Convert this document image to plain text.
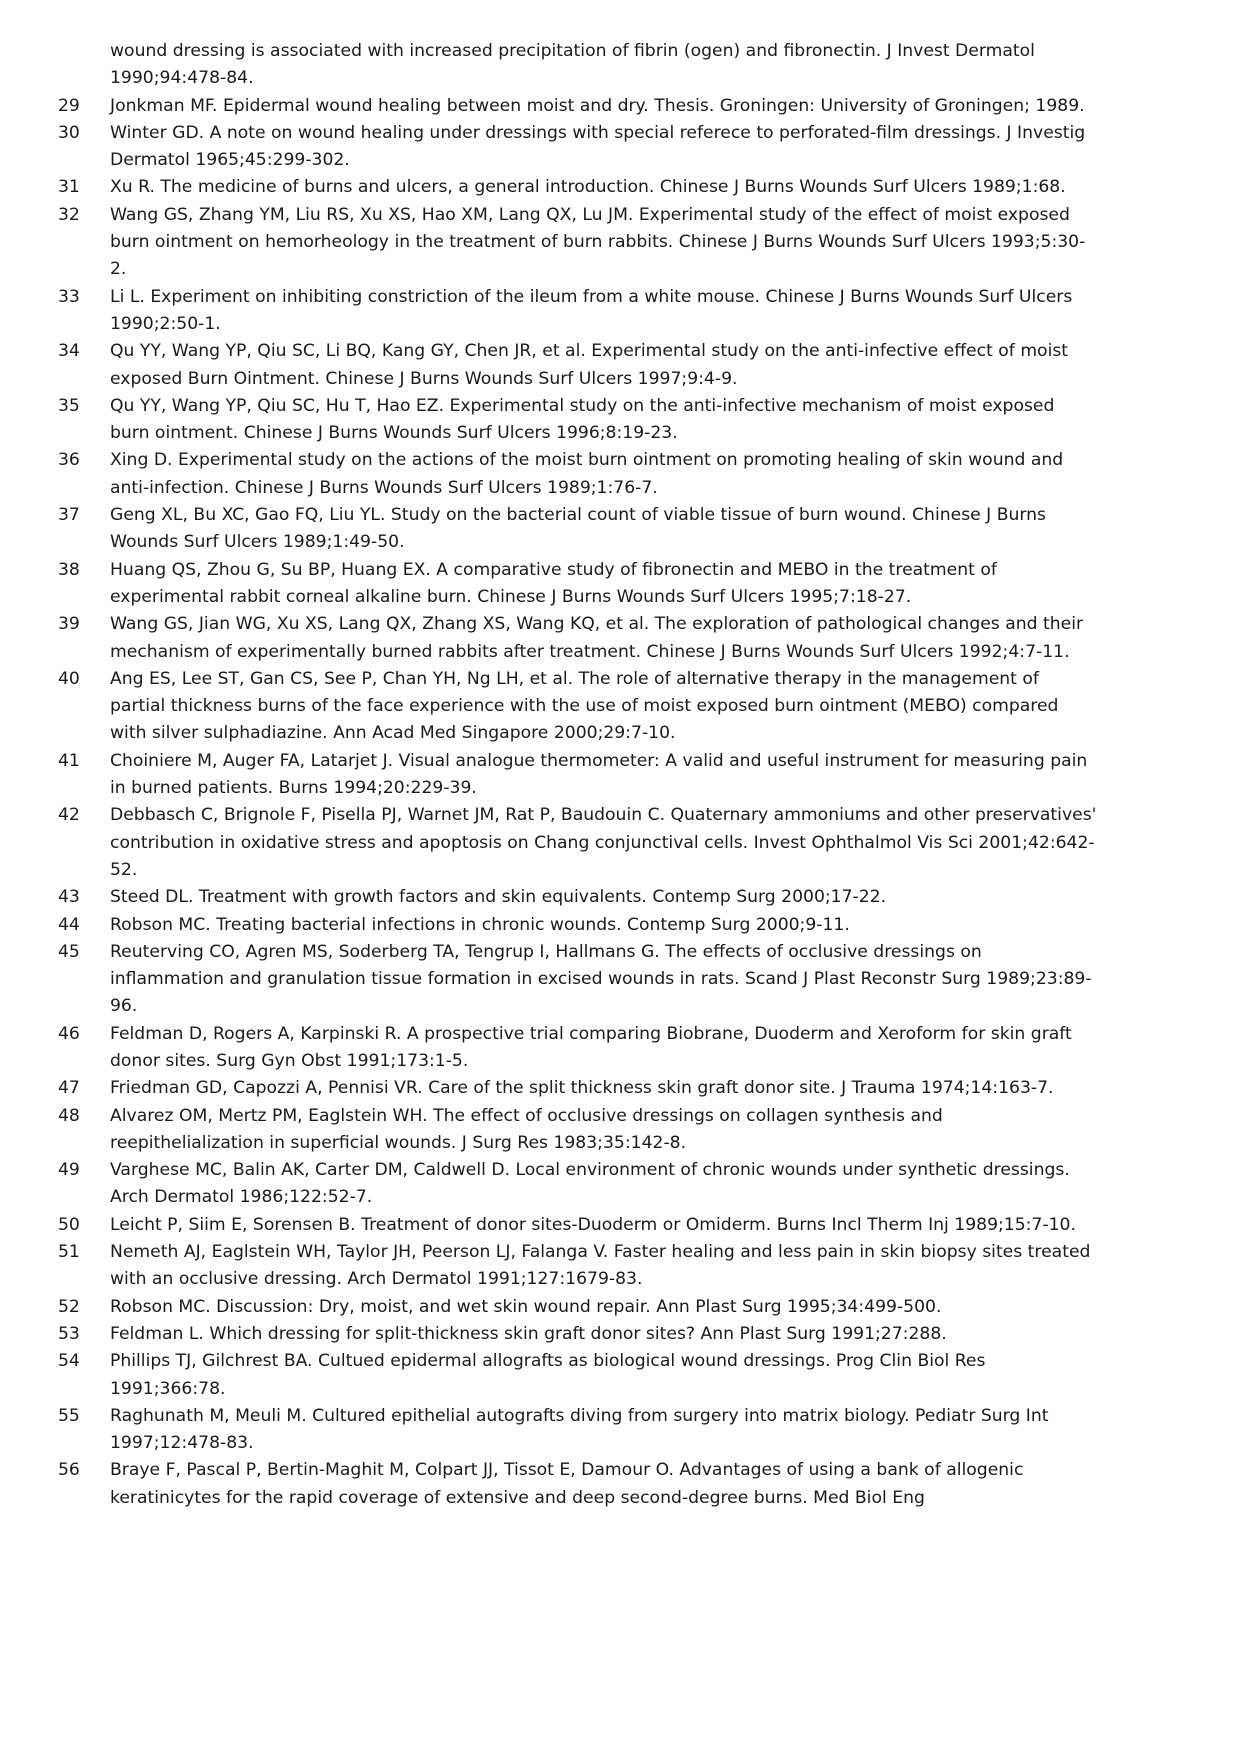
wound dressing is associated with increased precipitation of fibrin (ogen) and fibronectin. J Invest Dermatol 1990;94:478-84.
29	Jonkman MF. Epidermal wound healing between moist and dry. Thesis. Groningen: University of Groningen; 1989.
30	Winter GD. A note on wound healing under dressings with special referece to perforated-film dressings. J Investig Dermatol 1965;45:299-302.
31	Xu R. The medicine of burns and ulcers, a general introduction. Chinese J Burns Wounds Surf Ulcers 1989;1:68.
32	Wang GS, Zhang YM, Liu RS, Xu XS, Hao XM, Lang QX, Lu JM. Experimental study of the effect of moist exposed burn ointment on hemorheology in the treatment of burn rabbits. Chinese J Burns Wounds Surf Ulcers 1993;5:30-2.
33	Li L. Experiment on inhibiting constriction of the ileum from a white mouse. Chinese J Burns Wounds Surf Ulcers 1990;2:50-1.
34	Qu YY, Wang YP, Qiu SC, Li BQ, Kang GY, Chen JR, et al. Experimental study on the anti-infective effect of moist exposed Burn Ointment. Chinese J Burns Wounds Surf Ulcers 1997;9:4-9.
35	Qu YY, Wang YP, Qiu SC, Hu T, Hao EZ. Experimental study on the anti-infective mechanism of moist exposed burn ointment. Chinese J Burns Wounds Surf Ulcers 1996;8:19-23.
36	Xing D. Experimental study on the actions of the moist burn ointment on promoting healing of skin wound and anti-infection. Chinese J Burns Wounds Surf Ulcers 1989;1:76-7.
37	Geng XL, Bu XC, Gao FQ, Liu YL. Study on the bacterial count of viable tissue of burn wound. Chinese J Burns Wounds Surf Ulcers 1989;1:49-50.
38	Huang QS, Zhou G, Su BP, Huang EX. A comparative study of fibronectin and MEBO in the treatment of experimental rabbit corneal alkaline burn. Chinese J Burns Wounds Surf Ulcers 1995;7:18-27.
39	Wang GS, Jian WG, Xu XS, Lang QX, Zhang XS, Wang KQ, et al. The exploration of pathological changes and their mechanism of experimentally burned rabbits after treatment. Chinese J Burns Wounds Surf Ulcers 1992;4:7-11.
40	Ang ES, Lee ST, Gan CS, See P, Chan YH, Ng LH, et al. The role of alternative therapy in the management of partial thickness burns of the face experience with the use of moist exposed burn ointment (MEBO) compared with silver sulphadiazine. Ann Acad Med Singapore 2000;29:7-10.
41	Choiniere M, Auger FA, Latarjet J. Visual analogue thermometer: A valid and useful instrument for measuring pain in burned patients. Burns 1994;20:229-39.
42	Debbasch C, Brignole F, Pisella PJ, Warnet JM, Rat P, Baudouin C. Quaternary ammoniums and other preservatives' contribution in oxidative stress and apoptosis on Chang conjunctival cells. Invest Ophthalmol Vis Sci 2001;42:642-52.
43	Steed DL. Treatment with growth factors and skin equivalents. Contemp Surg 2000;17-22.
44	Robson MC. Treating bacterial infections in chronic wounds. Contemp Surg 2000;9-11.
45	Reuterving CO, Agren MS, Soderberg TA, Tengrup I, Hallmans G. The effects of occlusive dressings on inflammation and granulation tissue formation in excised wounds in rats. Scand J Plast Reconstr Surg 1989;23:89-96.
46	Feldman D, Rogers A, Karpinski R. A prospective trial comparing Biobrane, Duoderm and Xeroform for skin graft donor sites. Surg Gyn Obst 1991;173:1-5.
47	Friedman GD, Capozzi A, Pennisi VR. Care of the split thickness skin graft donor site. J Trauma 1974;14:163-7.
48	Alvarez OM, Mertz PM, Eaglstein WH. The effect of occlusive dressings on collagen synthesis and reepithelialization in superficial wounds. J Surg Res 1983;35:142-8.
49	Varghese MC, Balin AK, Carter DM, Caldwell D. Local environment of chronic wounds under synthetic dressings. Arch Dermatol 1986;122:52-7.
50	Leicht P, Siim E, Sorensen B. Treatment of donor sites-Duoderm or Omiderm. Burns Incl Therm Inj 1989;15:7-10.
51	Nemeth AJ, Eaglstein WH, Taylor JH, Peerson LJ, Falanga V. Faster healing and less pain in skin biopsy sites treated with an occlusive dressing. Arch Dermatol 1991;127:1679-83.
52	Robson MC. Discussion: Dry, moist, and wet skin wound repair. Ann Plast Surg 1995;34:499-500.
53	Feldman L. Which dressing for split-thickness skin graft donor sites? Ann Plast Surg 1991;27:288.
54	Phillips TJ, Gilchrest BA. Cultued epidermal allografts as biological wound dressings. Prog Clin Biol Res 1991;366:78.
55	Raghunath M, Meuli M. Cultured epithelial autografts diving from surgery into matrix biology. Pediatr Surg Int 1997;12:478-83.
56	Braye F, Pascal P, Bertin-Maghit M, Colpart JJ, Tissot E, Damour O. Advantages of using a bank of allogenic keratinicytes for the rapid coverage of extensive and deep second-degree burns. Med Biol Eng
